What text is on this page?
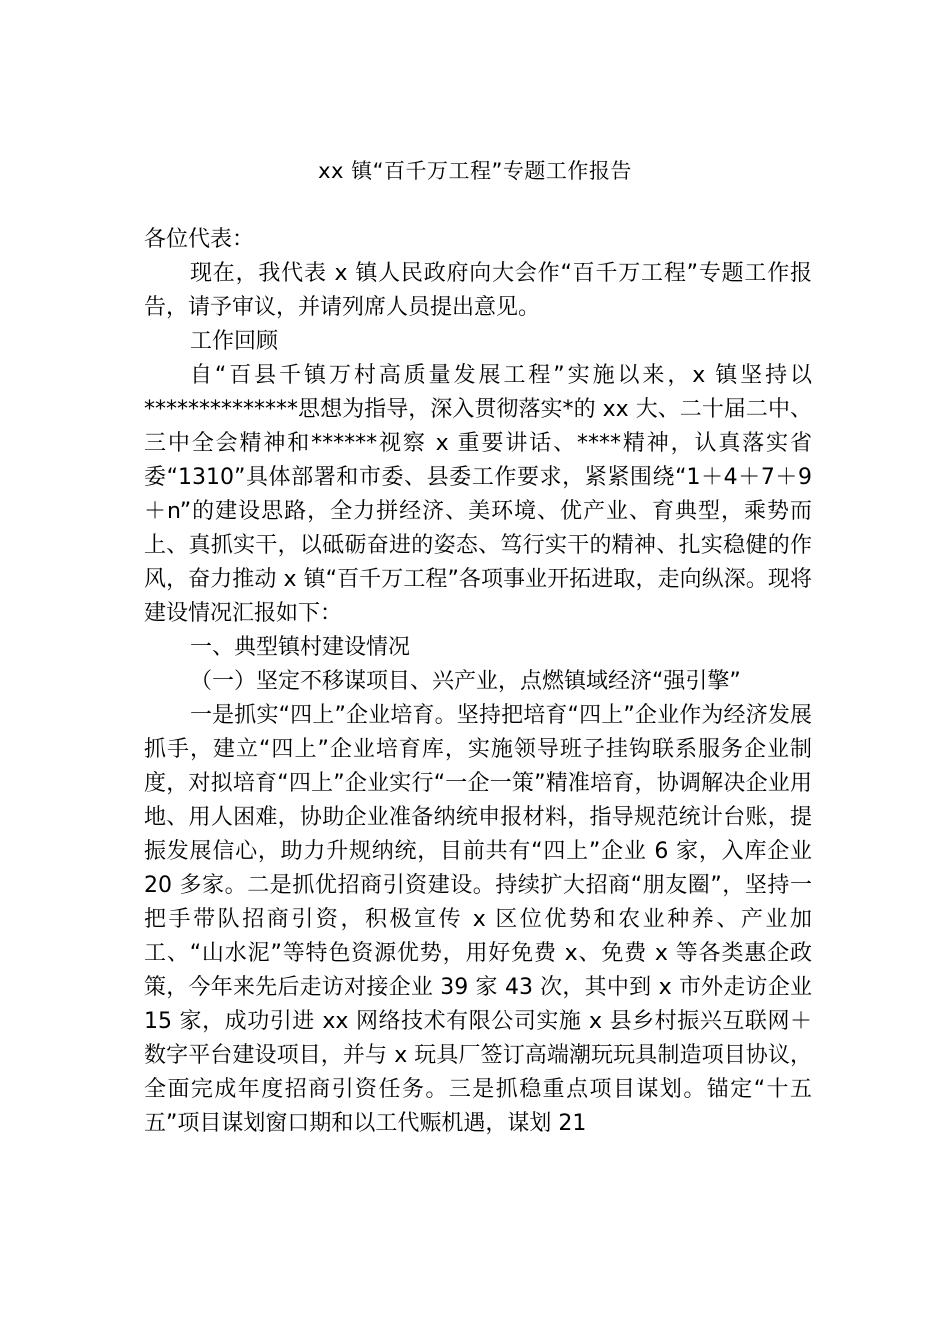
xx 镇“百千万工程”专题工作报告

各位代表：

现在，我代表 x 镇人民政府向大会作“百千万工程”专题工作报告，请予审议，并请列席人员提出意见。

工作回顾

自“百县千镇万村高质量发展工程”实施以来，x 镇坚持以**************思想为指导，深入贯彻落实*的 xx 大、二十届二中、三中全会精神和******视察 x 重要讲话、****精神，认真落实省委“1310”具体部署和市委、县委工作要求，紧紧围绕“1＋4＋7＋9＋n”的建设思路，全力拼经济、美环境、优产业、育典型，乘势而上、真抓实干，以砥砺奋进的姿态、笃行实干的精神、扎实稳健的作风，奋力推动 x 镇“百千万工程”各项事业开拓进取，走向纵深。现将建设情况汇报如下：

一、典型镇村建设情况

（一）坚定不移谋项目、兴产业，点燃镇域经济“强引擎”

一是抓实“四上”企业培育。坚持把培育“四上”企业作为经济发展抓手，建立“四上”企业培育库，实施领导班子挂钩联系服务企业制度，对拟培育“四上”企业实行“一企一策”精准培育，协调解决企业用地、用人困难，协助企业准备纳统申报材料，指导规范统计台账，提振发展信心，助力升规纳统，目前共有“四上”企业 6 家，入库企业 20 多家。二是抓优招商引资建设。持续扩大招商“朋友圈”，坚持一把手带队招商引资，积极宣传 x 区位优势和农业种养、产业加工、“山水泥”等特色资源优势，用好免费 x、免费 x 等各类惠企政策，今年来先后走访对接企业 39 家 43 次，其中到 x 市外走访企业 15 家，成功引进 xx 网络技术有限公司实施 x 县乡村振兴互联网＋数字平台建设项目，并与 x 玩具厂签订高端潮玩玩具制造项目协议，全面完成年度招商引资任务。三是抓稳重点项目谋划。锚定“十五五”项目谋划窗口期和以工代赈机遇，谋划 21
